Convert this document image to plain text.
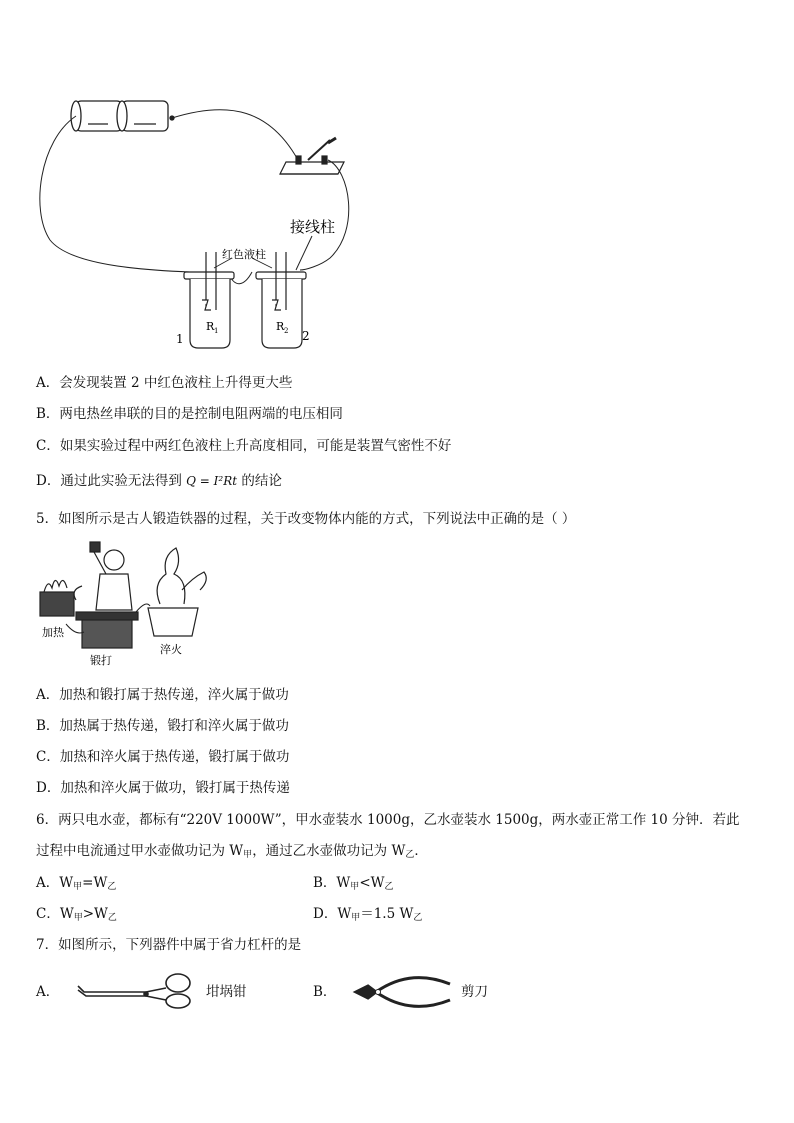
接线柱
红色液柱
R 1	R 2
1	2
A．会发现装置 2 中红色液柱上升得更大些
B．两电热丝串联的目的是控制电阻两端的电压相同
C．如果实验过程中两红色液柱上升高度相同，可能是装置气密性不好
D．通过此实验无法得到 Q = I²Rt 的结论
5．如图所示是古人锻造铁器的过程，关于改变物体内能的方式，下列说法中正确的是（ ）
加热
锻打
淬火
A．加热和锻打属于热传递，淬火属于做功
B．加热属于热传递，锻打和淬火属于做功
C．加热和淬火属于热传递，锻打属于做功
D．加热和淬火属于做功，锻打属于热传递
6．两只电水壶，都标有“220V 1000W”，甲水壶装水 1000g，乙水壶装水 1500g，两水壶正常工作 10 分钟．若此
过程中电流通过甲水壶做功记为 $W_甲$，通过乙水壶做功记为 $W_乙$．
A．$W_甲=W_乙$	B．$W_甲<W_乙$
C．$W_甲>W_乙$	D．$W_甲=1.5$ $W_乙$
7．如图所示，下列器件中属于省力杠杆的是
A．	坩埚钳	B．	剪刀
